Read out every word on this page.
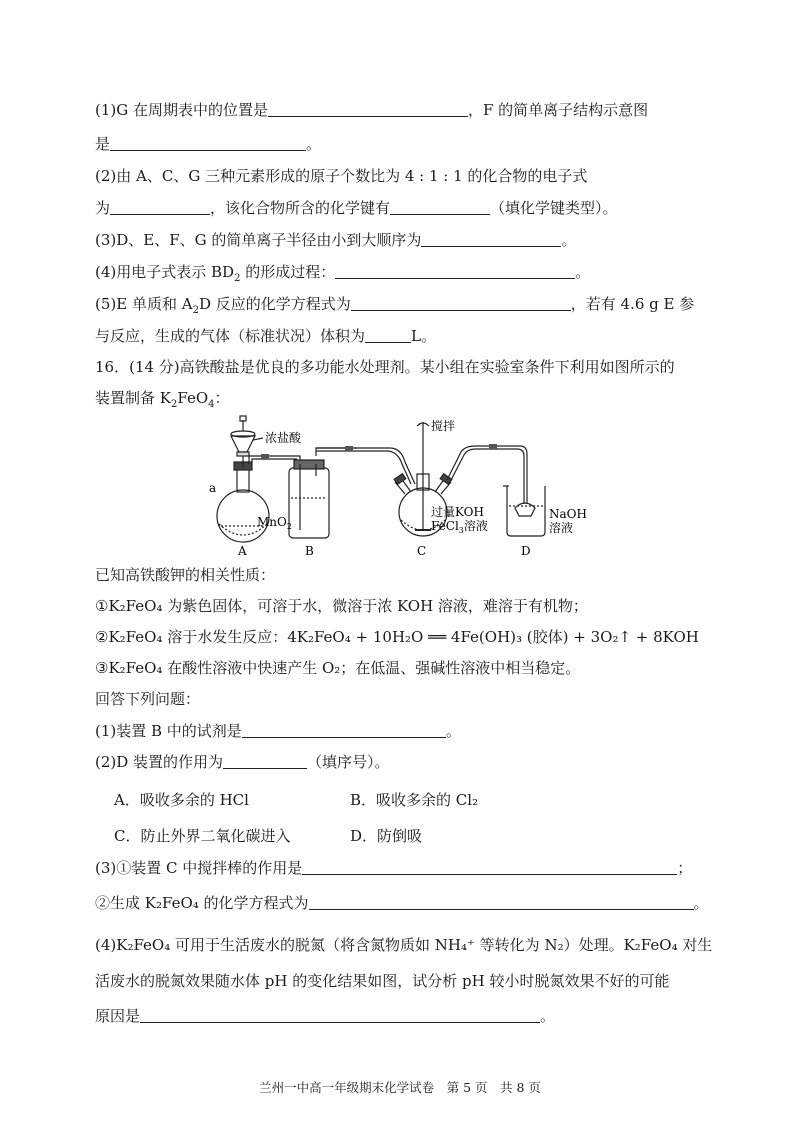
(1)G 在周期表中的位置是	，F 的简单离子结构示意图
是	。
(2)由 A、C、G 三种元素形成的原子个数比为 4 : 1 : 1 的化合物的电子式
为	，该化合物所含的化学键有	（填化学键类型）。
(3)D、E、F、G 的简单离子半径由小到大顺序为	。
(4)用电子式表示 $BD_2$ 的形成过程：	。
(5)E 单质和 $A_2D$ 反应的化学方程式为	，若有 4.6 g E 参
与反应，生成的气体（标准状况）体积为	L。
16．(14 分)高铁酸盐是优良的多功能水处理剂。某小组在实验室条件下利用如图所示的
装置制备 $K_2FeO_4$：
浓盐酸
a
MnO$_2$
搅拌
过量KOH
FeCl$_3$溶液
NaOH
溶液
A	B	C	D
已知高铁酸钾的相关性质：
①K₂FeO₄ 为紫色固体，可溶于水，微溶于浓 KOH 溶液，难溶于有机物；
②K₂FeO₄ 溶于水发生反应：4K₂FeO₄ + 10H₂O ══ 4Fe(OH)₃ (胶体) + 3O₂↑ + 8KOH
③K₂FeO₄ 在酸性溶液中快速产生 O₂；在低温、强碱性溶液中相当稳定。
回答下列问题：
(1)装置 B 中的试剂是	。
(2)D 装置的作用为	（填序号）。
A．吸收多余的 HCl	B．吸收多余的 Cl₂
C．防止外界二氧化碳进入	D．防倒吸
(3)①装置 C 中搅拌棒的作用是	；
②生成 K₂FeO₄ 的化学方程式为	。
(4)K₂FeO₄ 可用于生活废水的脱氮（将含氮物质如 NH₄⁺ 等转化为 N₂）处理。K₂FeO₄ 对生
活废水的脱氮效果随水体 pH 的变化结果如图，试分析 pH 较小时脱氮效果不好的可能
原因是	。
兰州一中高一年级期末化学试卷　第 5 页　共 8 页
